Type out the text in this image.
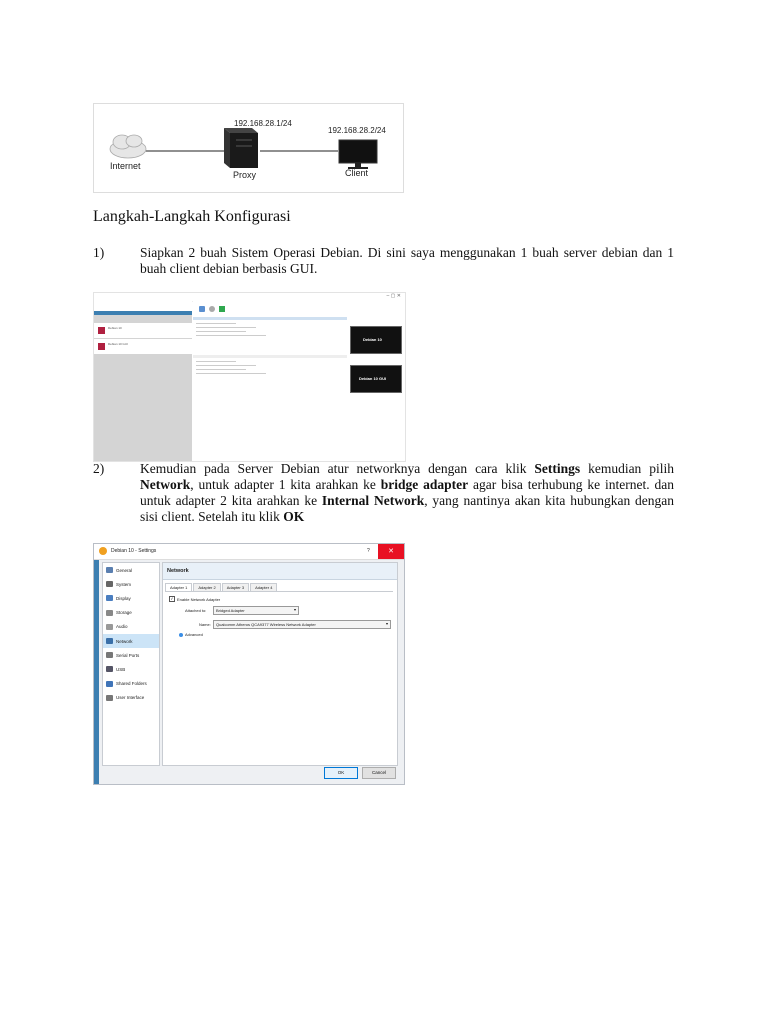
192.168.28.1/24
192.168.28.2/24
Internet
Proxy	Client
Langkah-Langkah Konfigurasi
1)	Siapkan 2 buah Sistem Operasi Debian. Di sini saya menggunakan 1 buah server debian dan 1 buah client debian berbasis GUI.
– ▢ ✕
Debian 10
Debian 10 GUI
Debian 10
Debian 10 GUI
2)	Kemudian pada Server Debian atur networknya dengan cara klik Settings kemudian pilih Network, untuk adapter 1 kita arahkan ke bridge adapter agar bisa terhubung ke internet. dan untuk adapter 2 kita arahkan ke Internal Network, yang nantinya akan kita hubungkan dengan sisi client. Setelah itu klik OK
Debian 10 - Settings	?	✕
General
System
Display
Storage
Audio
Network
Serial Ports
USB
Shared Folders
User Interface
Network
Adapter 1	Adapter 2	Adapter 3	Adapter 4
✓ Enable Network Adapter
Attached to: Bridged Adapter	▾
Name: Qualcomm Atheros QCA9377 Wireless Network Adapter	▾
Advanced
OK	Cancel
